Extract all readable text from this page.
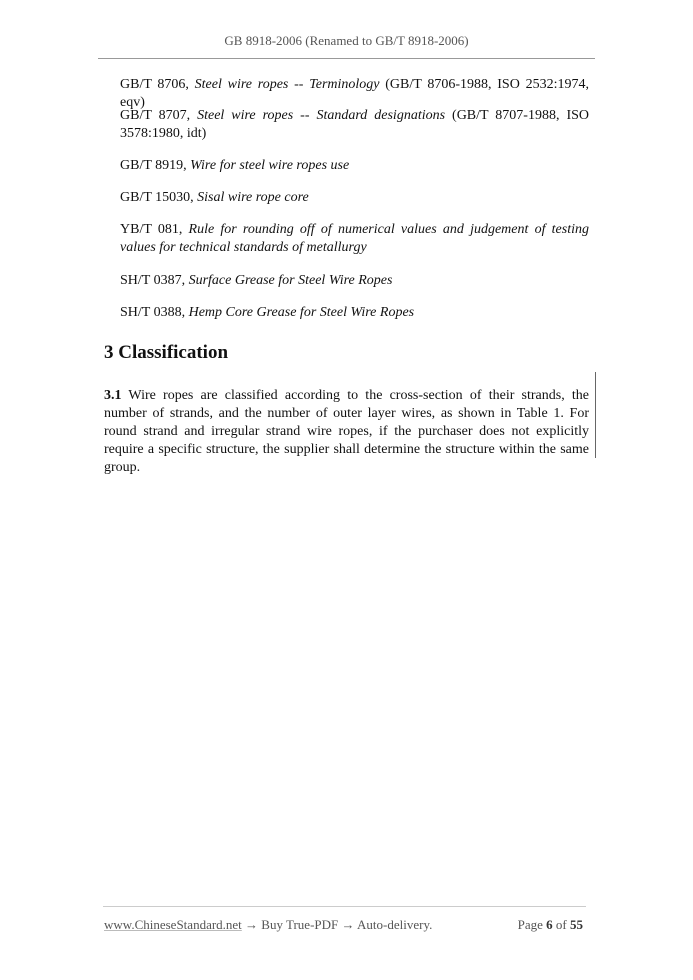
GB 8918-2006 (Renamed to GB/T 8918-2006)
GB/T 8706, Steel wire ropes -- Terminology (GB/T 8706-1988, ISO 2532:1974, eqv)
GB/T 8707, Steel wire ropes -- Standard designations (GB/T 8707-1988, ISO 3578:1980, idt)
GB/T 8919, Wire for steel wire ropes use
GB/T 15030, Sisal wire rope core
YB/T 081, Rule for rounding off of numerical values and judgement of testing values for technical standards of metallurgy
SH/T 0387, Surface Grease for Steel Wire Ropes
SH/T 0388, Hemp Core Grease for Steel Wire Ropes
3 Classification
3.1 Wire ropes are classified according to the cross-section of their strands, the number of strands, and the number of outer layer wires, as shown in Table 1. For round strand and irregular strand wire ropes, if the purchaser does not explicitly require a specific structure, the supplier shall determine the structure within the same group.
www.ChineseStandard.net → Buy True-PDF → Auto-delivery.	Page 6 of 55
